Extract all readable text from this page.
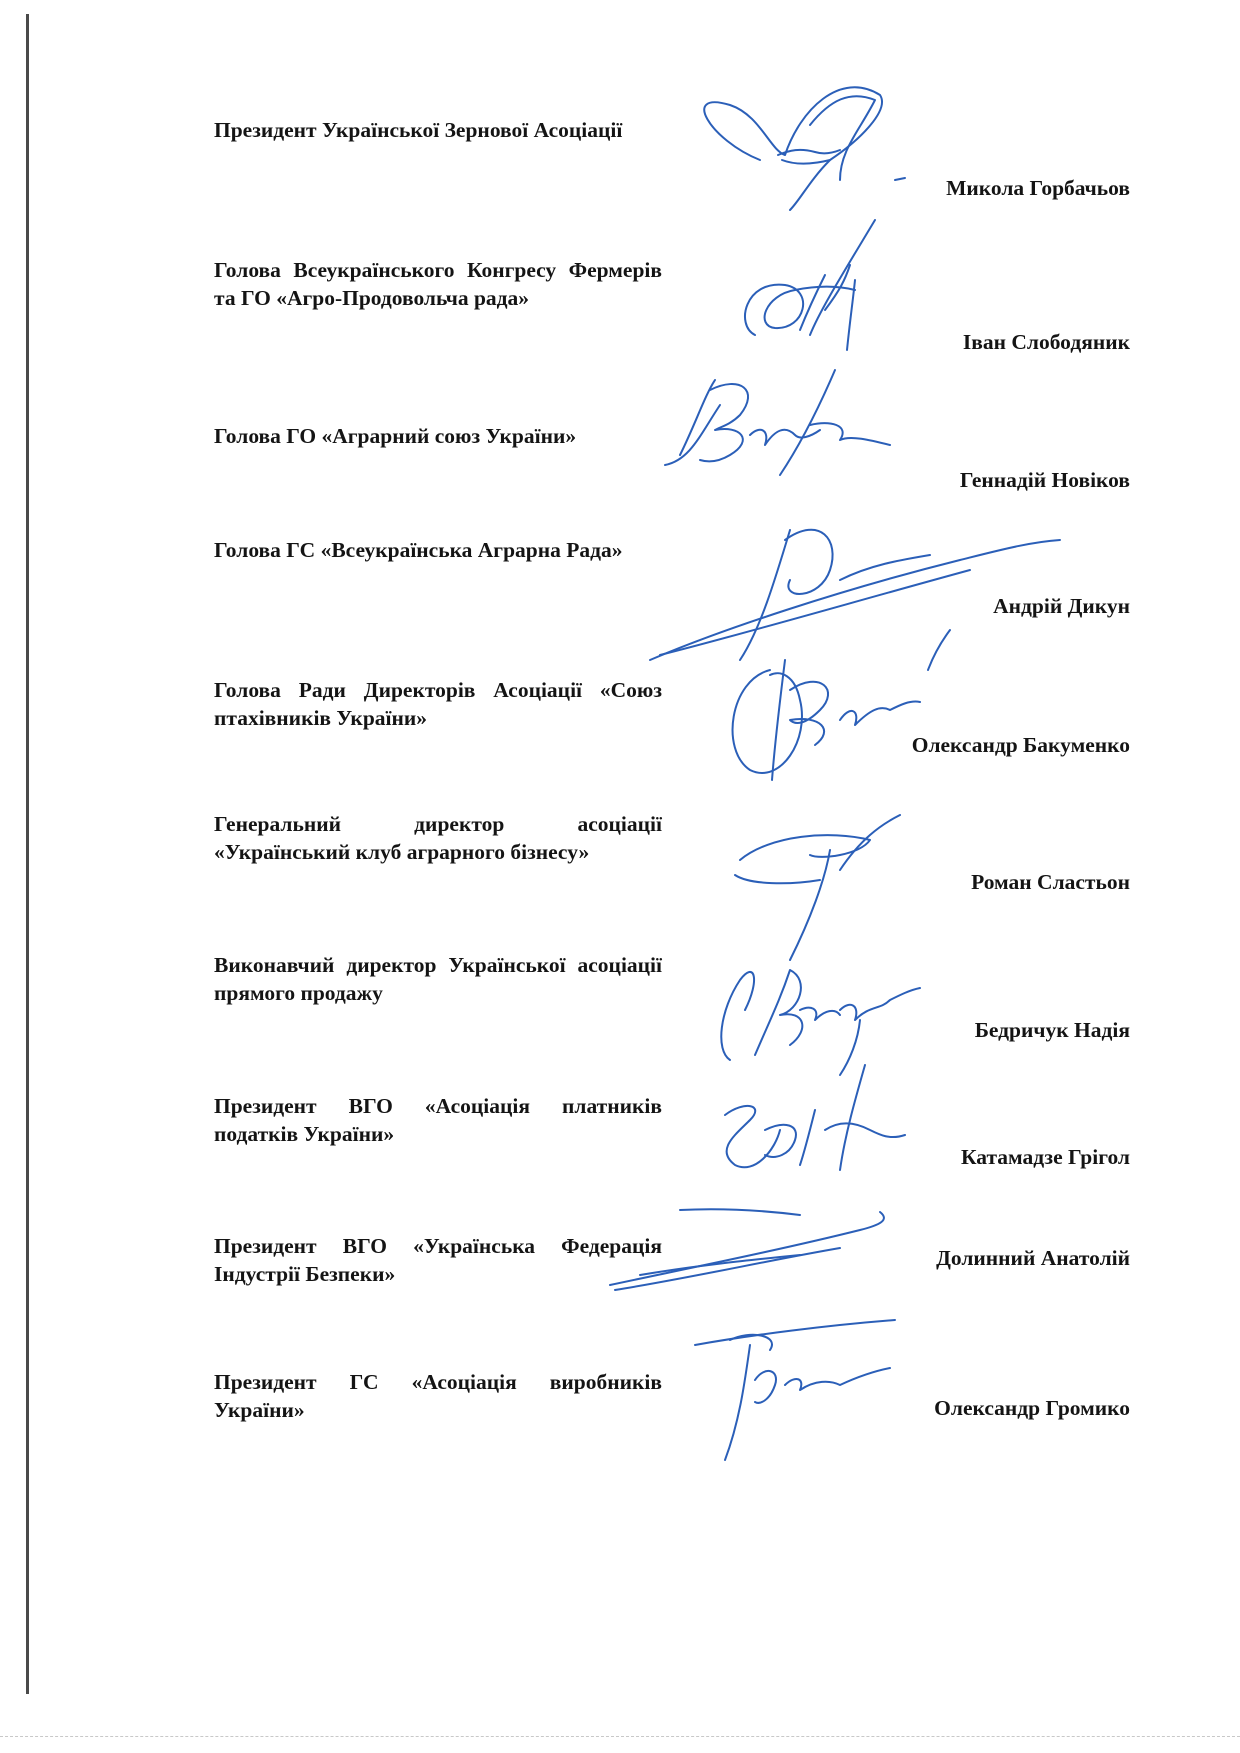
Президент Української Зернової Асоціації

Микола Горбачьов

Голова Всеукраїнського Конгресу Фермерів та ГО «Агро-Продовольча рада»

Іван Слободяник

Голова ГО «Аграрний союз України»

Геннадій Новіков

Голова ГС «Всеукраїнська Аграрна Рада»

Андрій Дикун

Голова Ради Директорів Асоціації «Союз птахівників України»

Олександр Бакуменко

Генеральний директор асоціації «Український клуб аграрного бізнесу»

Роман Сластьон

Виконавчий директор Української асоціації прямого продажу

Бедричук Надія

Президент ВГО «Асоціація платників податків України»

Катамадзе Грігол

Президент ВГО «Українська Федерація Індустрії Безпеки»

Долинний Анатолій

Президент ГС «Асоціація виробників України»	Олександр Громико
